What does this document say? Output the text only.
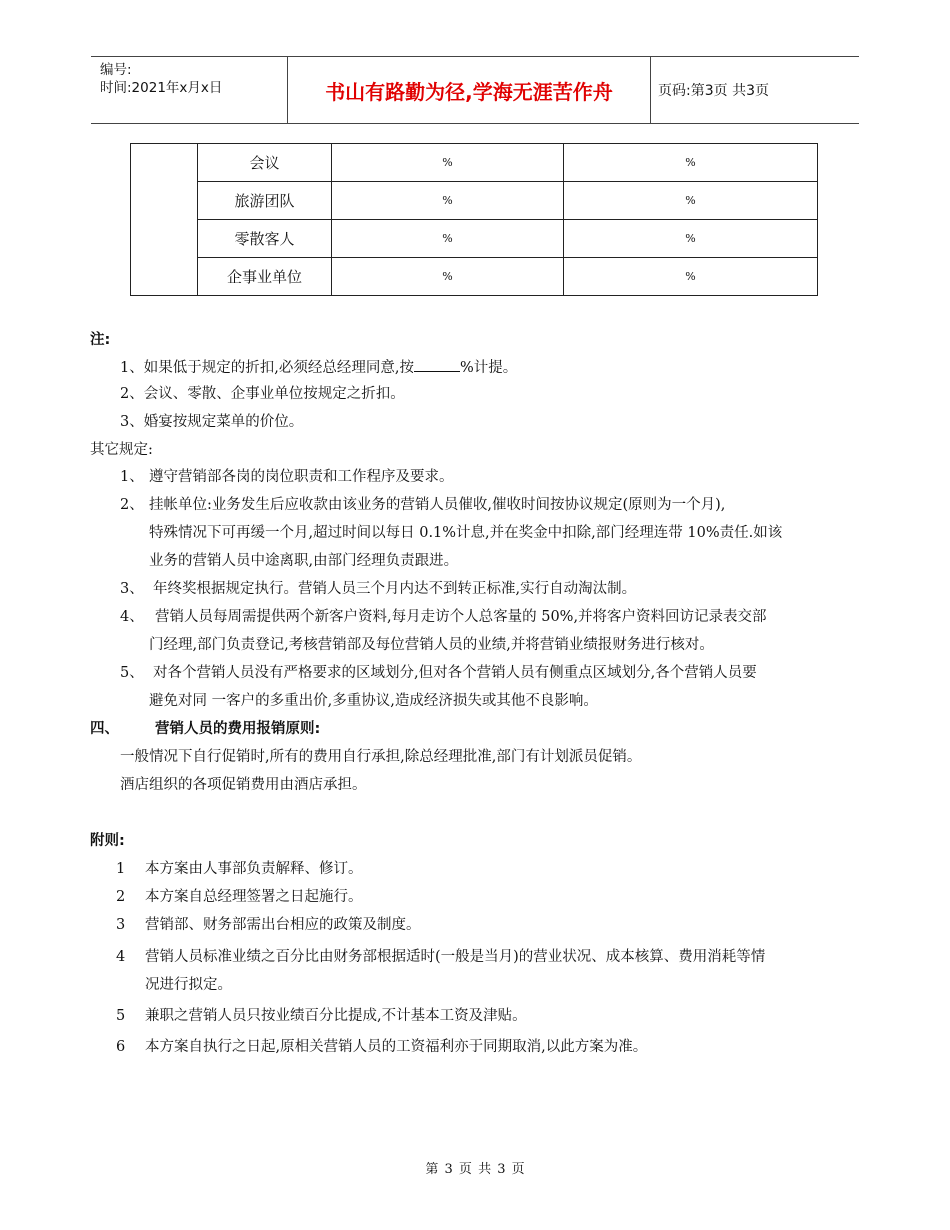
编号:
时间:2021年x月x日	书山有路勤为径,学海无涯苦作舟	页码:第3页 共3页
	会议	%	%
	旅游团队	%	%
	零散客人	%	%
	企事业单位	%	%
注:
1、如果低于规定的折扣,必须经总经理同意,按	%计提。
2、会议、零散、企事业单位按规定之折扣。
3、婚宴按规定菜单的价位。
其它规定:
1、 遵守营销部各岗的岗位职责和工作程序及要求。
2、 挂帐单位:业务发生后应收款由该业务的营销人员催收,催收时间按协议规定(原则为一个月),
特殊情况下可再缓一个月,超过时间以每日 0.1%计息,并在奖金中扣除,部门经理连带 10%责任.如该
业务的营销人员中途离职,由部门经理负责跟进。
3、 年终奖根据规定执行。营销人员三个月内达不到转正标准,实行自动淘汰制。
4、 营销人员每周需提供两个新客户资料,每月走访个人总客量的 50%,并将客户资料回访记录表交部
门经理,部门负责登记,考核营销部及每位营销人员的业绩,并将营销业绩报财务进行核对。
5、 对各个营销人员没有严格要求的区域划分,但对各个营销人员有侧重点区域划分,各个营销人员要
避免对同 一客户的多重出价,多重协议,造成经济损失或其他不良影响。
四、 营销人员的费用报销原则:
一般情况下自行促销时,所有的费用自行承担,除总经理批准,部门有计划派员促销。
酒店组织的各项促销费用由酒店承担。
附则:
1 本方案由人事部负责解释、修订。
2 本方案自总经理签署之日起施行。
3 营销部、财务部需出台相应的政策及制度。
4 营销人员标准业绩之百分比由财务部根据适时(一般是当月)的营业状况、成本核算、费用消耗等情
况进行拟定。
5 兼职之营销人员只按业绩百分比提成,不计基本工资及津贴。
6 本方案自执行之日起,原相关营销人员的工资福利亦于同期取消,以此方案为准。
第 3 页 共 3 页
